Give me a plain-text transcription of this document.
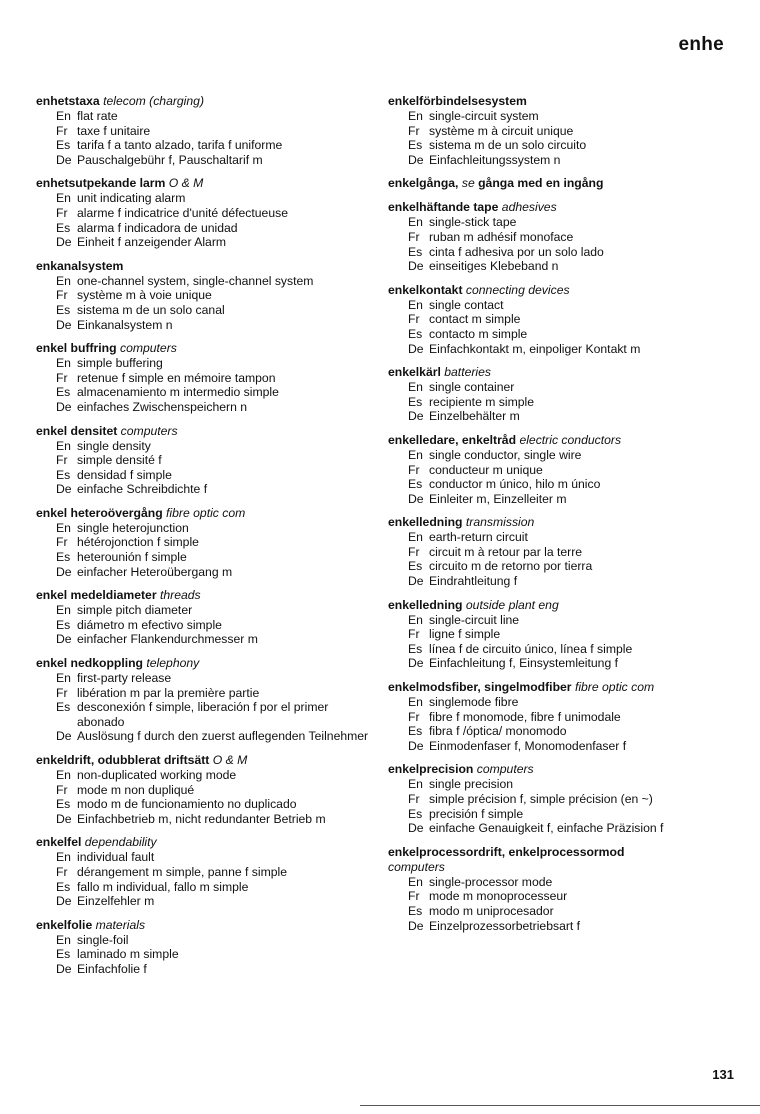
enhe
enhetstaxa telecom (charging)
En flat rate
Fr taxe f unitaire
Es tarifa f a tanto alzado, tarifa f uniforme
De Pauschalgebühr f, Pauschaltarif m
enhetsutpekande larm O & M
En unit indicating alarm
Fr alarme f indicatrice d'unité défectueuse
Es alarma f indicadora de unidad
De Einheit f anzeigender Alarm
enkanalsystem
En one-channel system, single-channel system
Fr système m à voie unique
Es sistema m de un solo canal
De Einkanalsystem n
enkel buffring computers
En simple buffering
Fr retenue f simple en mémoire tampon
Es almacenamiento m intermedio simple
De einfaches Zwischenspeichern n
enkel densitet computers
En single density
Fr simple densité f
Es densidad f simple
De einfache Schreibdichte f
enkel heteroövergång fibre optic com
En single heterojunction
Fr hétérojonction f simple
Es heterounión f simple
De einfacher Heteroübergang m
enkel medeldiameter threads
En simple pitch diameter
Es diámetro m efectivo simple
De einfacher Flankendurchmesser m
enkel nedkoppling telephony
En first-party release
Fr libération m par la première partie
Es desconexión f simple, liberación f por el primer abonado
De Auslösung f durch den zuerst auflegenden Teilnehmer
enkeldrift, odubblerat driftsätt O & M
En non-duplicated working mode
Fr mode m non dupliqué
Es modo m de funcionamiento no duplicado
De Einfachbetrieb m, nicht redundanter Betrieb m
enkelfel dependability
En individual fault
Fr dérangement m simple, panne f simple
Es fallo m individual, fallo m simple
De Einzelfehler m
enkelfolie materials
En single-foil
Es laminado m simple
De Einfachfolie f
enkelförbindelsesystem
En single-circuit system
Fr système m à circuit unique
Es sistema m de un solo circuito
De Einfachleitungssystem n
enkelgånga, se gånga med en ingång
enkelhäftande tape adhesives
En single-stick tape
Fr ruban m adhésif monoface
Es cinta f adhesiva por un solo lado
De einseitiges Klebeband n
enkelkontakt connecting devices
En single contact
Fr contact m simple
Es contacto m simple
De Einfachkontakt m, einpoliger Kontakt m
enkelkärl batteries
En single container
Es recipiente m simple
De Einzelbehälter m
enkelledare, enkeltråd electric conductors
En single conductor, single wire
Fr conducteur m unique
Es conductor m único, hilo m único
De Einleiter m, Einzelleiter m
enkelledning transmission
En earth-return circuit
Fr circuit m à retour par la terre
Es circuito m de retorno por tierra
De Eindrahtleitung f
enkelledning outside plant eng
En single-circuit line
Fr ligne f simple
Es línea f de circuito único, línea f simple
De Einfachleitung f, Einsystemleitung f
enkelmodsfiber, singelmodfiber fibre optic com
En singlemode fibre
Fr fibre f monomode, fibre f unimodale
Es fibra f /óptica/ monomodo
De Einmodenfaser f, Monomodenfaser f
enkelprecision computers
En single precision
Fr simple précision f, simple précision (en ~)
Es precisión f simple
De einfache Genauigkeit f, einfache Präzision f
enkelprocessordrift, enkelprocessormod
computers
En single-processor mode
Fr mode m monoprocesseur
Es modo m uniprocesador
De Einzelprozessorbetriebsart f
131
